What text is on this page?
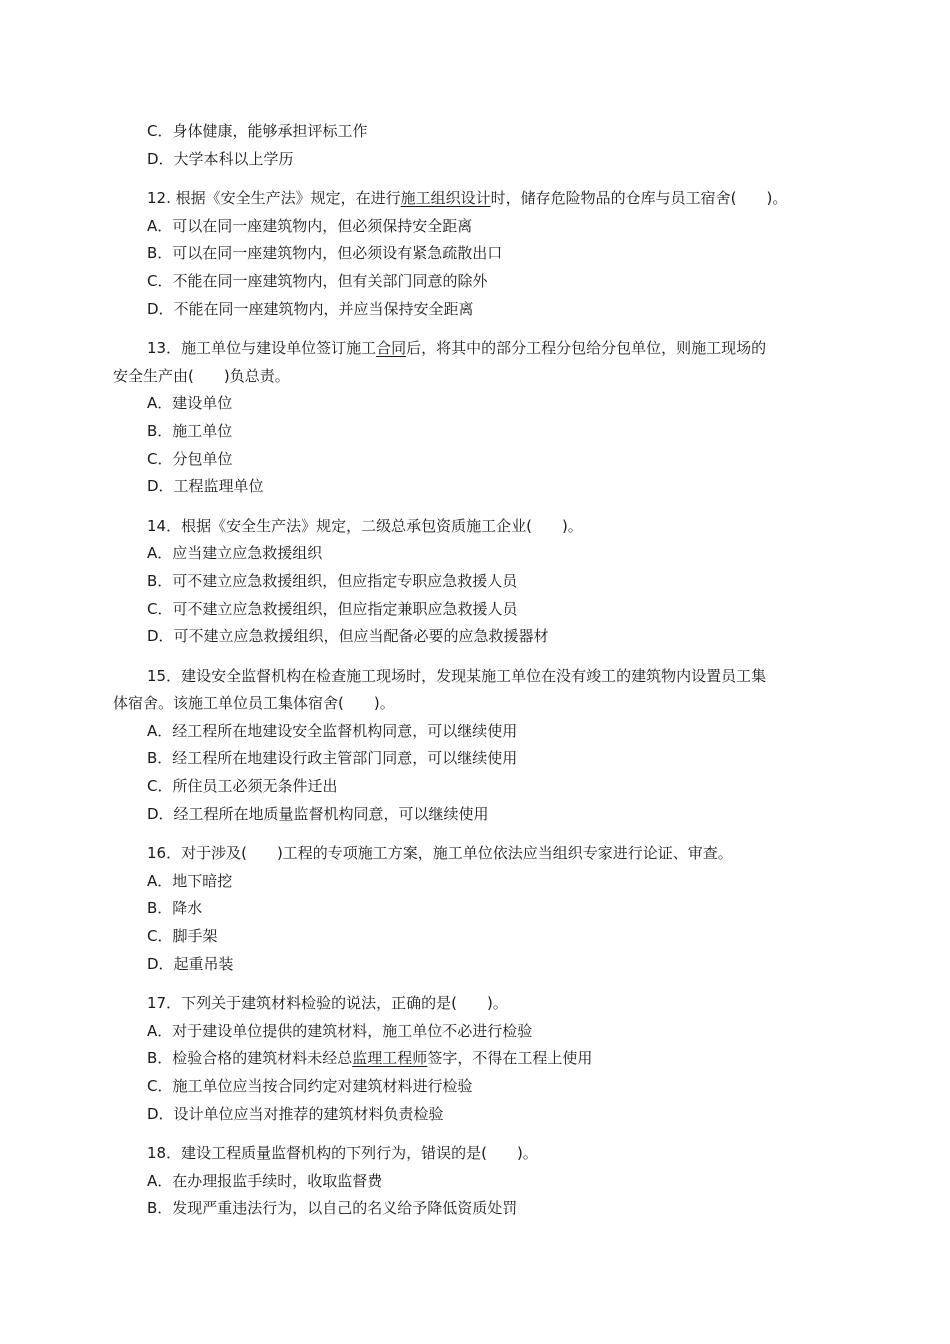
C．身体健康，能够承担评标工作
D．大学本科以上学历
12. 根据《安全生产法》规定，在进行施工组织设计时，储存危险物品的仓库与员工宿舍(　　)。
A．可以在同一座建筑物内，但必须保持安全距离
B．可以在同一座建筑物内，但必须设有紧急疏散出口
C．不能在同一座建筑物内，但有关部门同意的除外
D．不能在同一座建筑物内，并应当保持安全距离
13．施工单位与建设单位签订施工合同后，将其中的部分工程分包给分包单位，则施工现场的
安全生产由(　　)负总责。
A．建设单位
B．施工单位
C．分包单位
D．工程监理单位
14．根据《安全生产法》规定，二级总承包资质施工企业(　　)。
A．应当建立应急救援组织
B．可不建立应急救援组织，但应指定专职应急救援人员
C．可不建立应急救援组织，但应指定兼职应急救援人员
D．可不建立应急救援组织，但应当配备必要的应急救援器材
15．建设安全监督机构在检查施工现场时，发现某施工单位在没有竣工的建筑物内设置员工集
体宿舍。该施工单位员工集体宿舍(　　)。
A．经工程所在地建设安全监督机构同意，可以继续使用
B．经工程所在地建设行政主管部门同意，可以继续使用
C．所住员工必须无条件迁出
D．经工程所在地质量监督机构同意，可以继续使用
16．对于涉及(　　)工程的专项施工方案，施工单位依法应当组织专家进行论证、审查。
A．地下暗挖
B．降水
C．脚手架
D．起重吊装
17．下列关于建筑材料检验的说法，正确的是(　　)。
A．对于建设单位提供的建筑材料，施工单位不必进行检验
B．检验合格的建筑材料未经总监理工程师签字，不得在工程上使用
C．施工单位应当按合同约定对建筑材料进行检验
D．设计单位应当对推荐的建筑材料负责检验
18．建设工程质量监督机构的下列行为，错误的是(　　)。
A．在办理报监手续时，收取监督费
B．发现严重违法行为，以自己的名义给予降低资质处罚
